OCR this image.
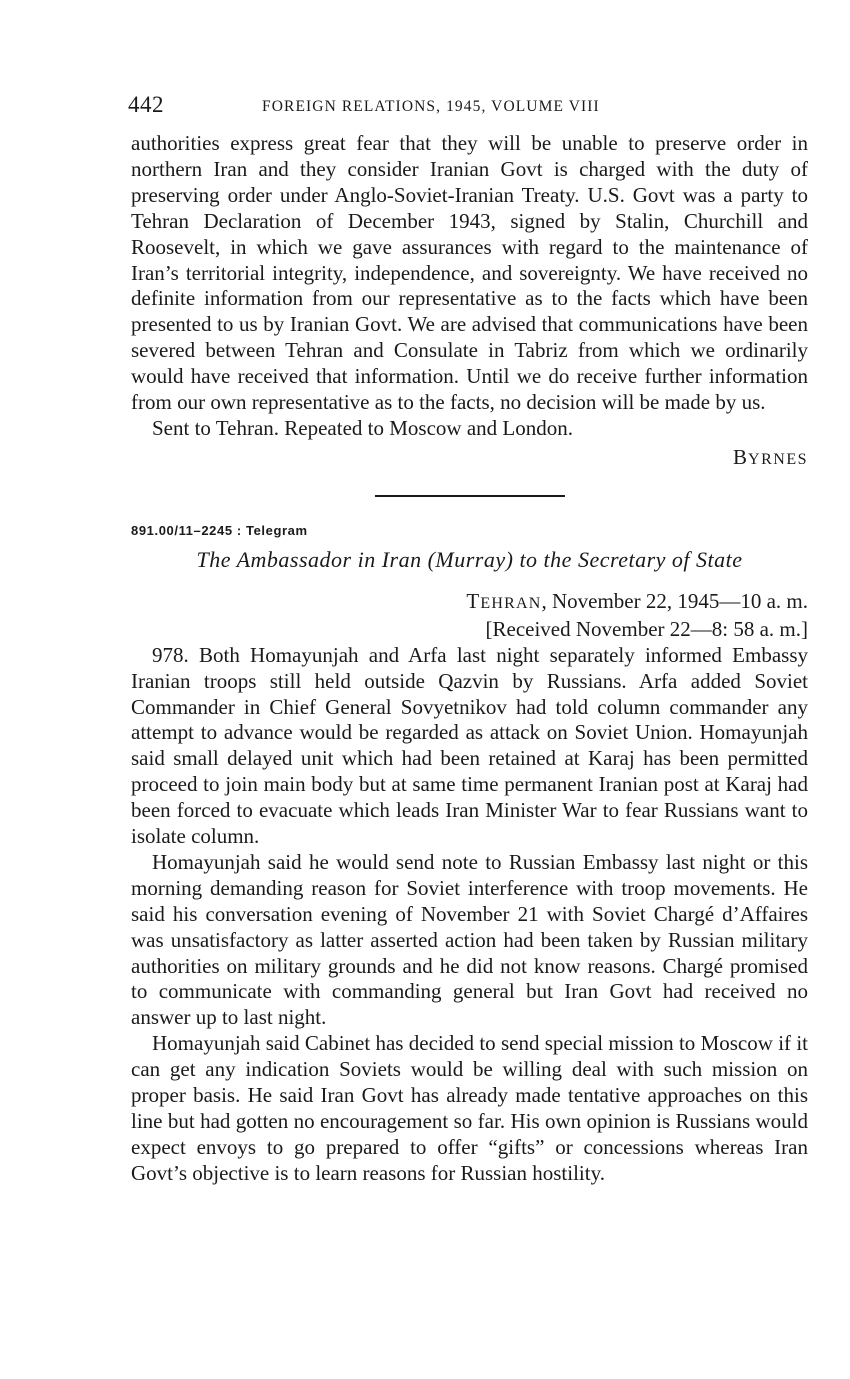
442	FOREIGN RELATIONS, 1945, VOLUME VIII

authorities express great fear that they will be unable to preserve order in northern Iran and they consider Iranian Govt is charged with the duty of preserving order under Anglo-Soviet-Iranian Treaty. U.S. Govt was a party to Tehran Declaration of December 1943, signed by Stalin, Churchill and Roosevelt, in which we gave assurances with regard to the maintenance of Iran’s territorial integrity, independence, and sovereignty. We have received no definite information from our representative as to the facts which have been presented to us by Iranian Govt. We are advised that communications have been severed between Tehran and Consulate in Tabriz from which we ordinarily would have received that information. Until we do receive further information from our own representative as to the facts, no decision will be made by us.

Sent to Tehran. Repeated to Moscow and London.

BYRNES
891.00/11–2245 : Telegram
The Ambassador in Iran (Murray) to the Secretary of State
TEHRAN, November 22, 1945—10 a. m.
[Received November 22—8: 58 a. m.]

978. Both Homayunjah and Arfa last night separately informed Embassy Iranian troops still held outside Qazvin by Russians. Arfa added Soviet Commander in Chief General Sovyetnikov had told column commander any attempt to advance would be regarded as attack on Soviet Union. Homayunjah said small delayed unit which had been retained at Karaj has been permitted proceed to join main body but at same time permanent Iranian post at Karaj had been forced to evacuate which leads Iran Minister War to fear Russians want to isolate column.

Homayunjah said he would send note to Russian Embassy last night or this morning demanding reason for Soviet interference with troop movements. He said his conversation evening of November 21 with Soviet Chargé d’Affaires was unsatisfactory as latter asserted action had been taken by Russian military authorities on military grounds and he did not know reasons. Chargé promised to communicate with commanding general but Iran Govt had received no answer up to last night.

Homayunjah said Cabinet has decided to send special mission to Moscow if it can get any indication Soviets would be willing deal with such mission on proper basis. He said Iran Govt has already made tentative approaches on this line but had gotten no encouragement so far. His own opinion is Russians would expect envoys to go prepared to offer “gifts” or concessions whereas Iran Govt’s objective is to learn reasons for Russian hostility.
